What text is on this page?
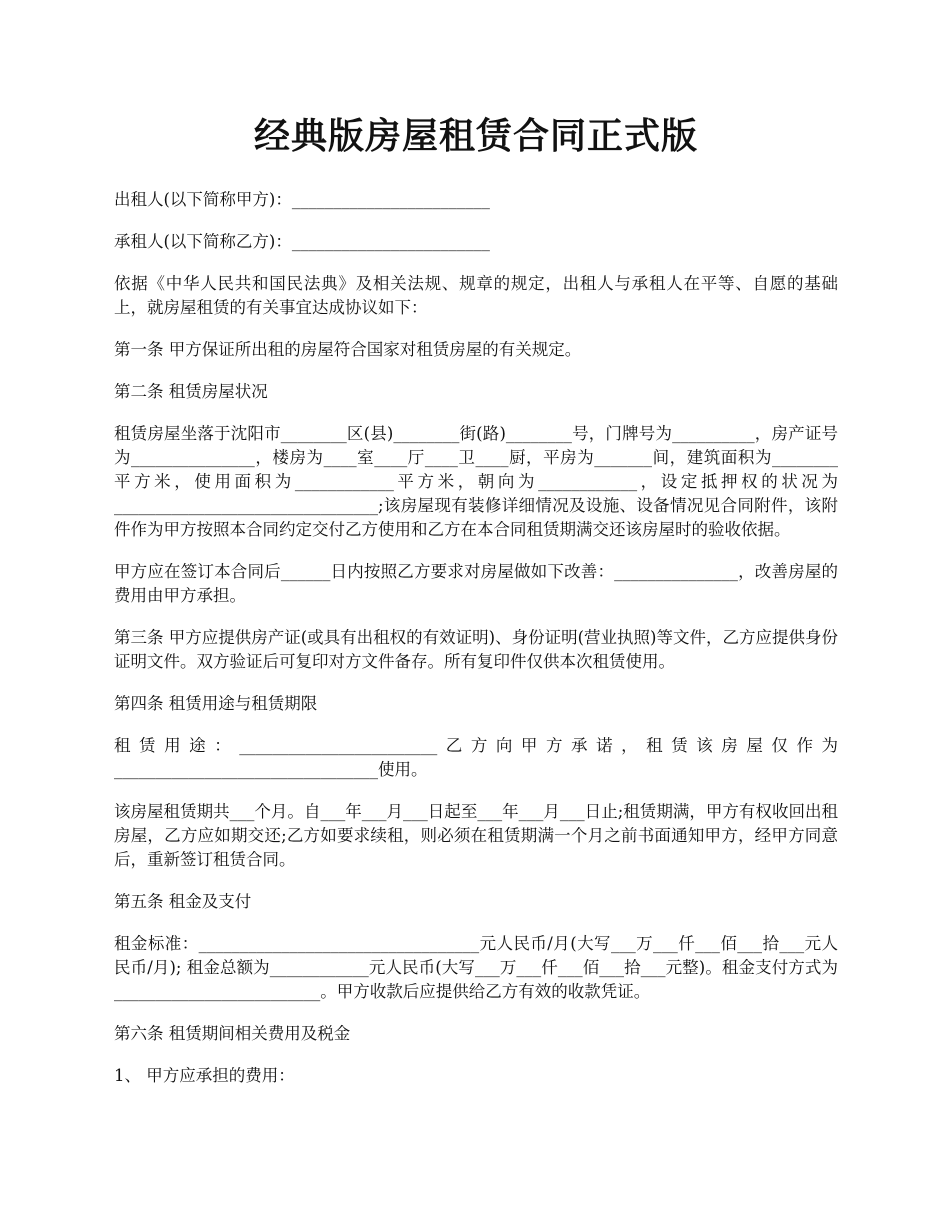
经典版房屋租赁合同正式版

出租人(以下简称甲方)：________________________

承租人(以下简称乙方)：________________________

依据《中华人民共和国民法典》及相关法规、规章的规定，出租人与承租人在平等、自愿的基础上，就房屋租赁的有关事宜达成协议如下：

第一条 甲方保证所出租的房屋符合国家对租赁房屋的有关规定。

第二条 租赁房屋状况

租赁房屋坐落于沈阳市________区(县)________街(路)________号，门牌号为__________，房产证号为_______________，楼房为____室____厅____卫____厨，平房为_______间，建筑面积为________平方米，使用面积为____________平方米，朝向为____________，设定抵押权的状况为________________________________;该房屋现有装修详细情况及设施、设备情况见合同附件，该附件作为甲方按照本合同约定交付乙方使用和乙方在本合同租赁期满交还该房屋时的验收依据。

甲方应在签订本合同后______日内按照乙方要求对房屋做如下改善：_______________，改善房屋的费用由甲方承担。

第三条 甲方应提供房产证(或具有出租权的有效证明)、身份证明(营业执照)等文件，乙方应提供身份证明文件。双方验证后可复印对方文件备存。所有复印件仅供本次租赁使用。

第四条 租赁用途与租赁期限

租赁用途：________________________乙方向甲方承诺，租赁该房屋仅作为________________________________使用。

该房屋租赁期共___个月。自___年___月___日起至___年___月___日止;租赁期满，甲方有权收回出租房屋，乙方应如期交还;乙方如要求续租，则必须在租赁期满一个月之前书面通知甲方，经甲方同意后，重新签订租赁合同。

第五条 租金及支付

租金标准：__________________________________元人民币/月(大写___万___仟___佰___拾___元人民币/月); 租金总额为____________元人民币(大写___万___仟___佰___拾___元整)。租金支付方式为_________________________。甲方收款后应提供给乙方有效的收款凭证。

第六条 租赁期间相关费用及税金

1、 甲方应承担的费用：
